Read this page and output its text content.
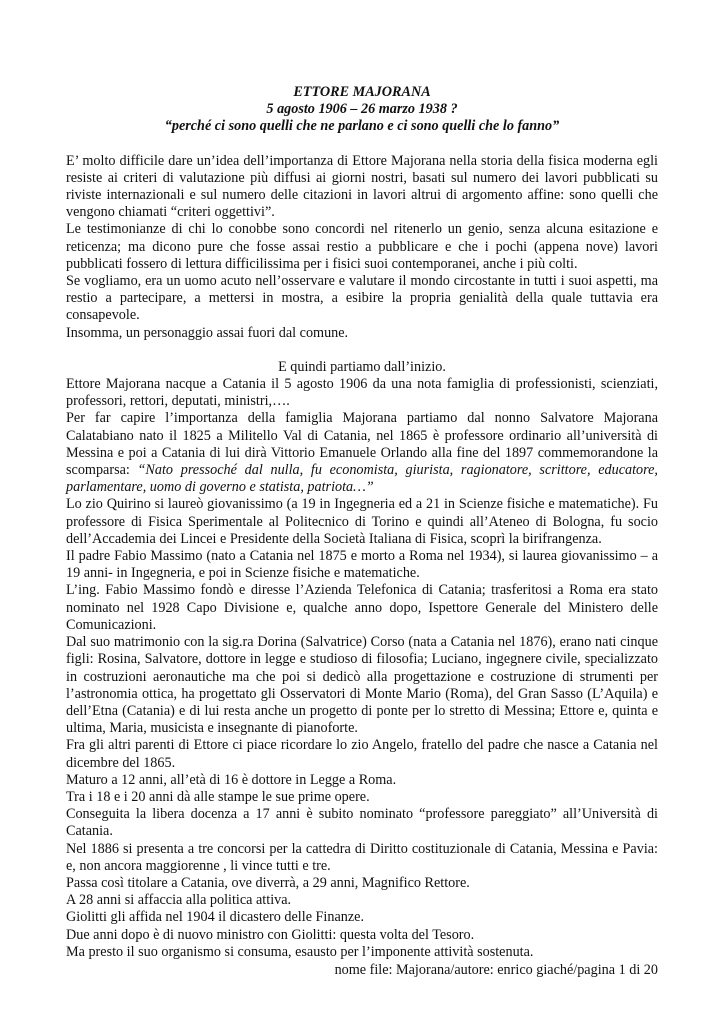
ETTORE MAJORANA
5 agosto 1906 – 26 marzo 1938 ?
“perché ci sono quelli che ne parlano e ci sono quelli che lo fanno”

E’ molto difficile dare un’idea dell’importanza di Ettore Majorana nella storia della fisica moderna egli resiste ai criteri di valutazione più diffusi ai giorni nostri, basati sul numero dei lavori pubblicati su riviste internazionali e sul numero delle citazioni in lavori altrui di argomento affine: sono quelli che vengono chiamati “criteri oggettivi”.

Le testimonianze di chi lo conobbe sono concordi nel ritenerlo un genio, senza alcuna esitazione e reticenza; ma dicono pure che fosse assai restio a pubblicare e che i pochi (appena nove) lavori pubblicati fossero di lettura difficilissima per i fisici suoi contemporanei, anche i più colti.

Se vogliamo, era un uomo acuto nell’osservare e valutare il mondo circostante in tutti i suoi aspetti, ma restio a partecipare, a mettersi in mostra, a esibire la propria genialità della quale tuttavia era consapevole.

Insomma, un personaggio assai fuori dal comune.

E quindi partiamo dall’inizio.

Ettore Majorana nacque a Catania il 5 agosto 1906 da una nota famiglia di professionisti, scienziati, professori, rettori, deputati, ministri,….

Per far capire l’importanza della famiglia Majorana partiamo dal nonno Salvatore Majorana Calatabiano nato il 1825 a Militello Val di Catania, nel 1865 è professore ordinario all’università di Messina e poi a Catania di lui dirà Vittorio Emanuele Orlando alla fine del 1897 commemorandone la scomparsa: “Nato pressoché dal nulla, fu economista, giurista, ragionatore, scrittore, educatore, parlamentare, uomo di governo e statista, patriota…”

Lo zio Quirino si laureò giovanissimo (a 19 in Ingegneria ed a 21 in Scienze fisiche e matematiche). Fu professore di Fisica Sperimentale al Politecnico di Torino e quindi all’Ateneo di Bologna, fu socio dell’Accademia dei Lincei e Presidente della Società Italiana di Fisica, scoprì la birifrangenza.

Il padre Fabio Massimo (nato a Catania nel 1875 e morto a Roma nel 1934), si laurea giovanissimo – a 19 anni- in Ingegneria, e poi in Scienze fisiche e matematiche.

L’ing. Fabio Massimo fondò e diresse l’Azienda Telefonica di Catania; trasferitosi a Roma era stato nominato nel 1928 Capo Divisione e, qualche anno dopo, Ispettore Generale del Ministero delle Comunicazioni.

Dal suo matrimonio con la sig.ra Dorina (Salvatrice) Corso (nata a Catania nel 1876), erano nati cinque figli: Rosina, Salvatore, dottore in legge e studioso di filosofia; Luciano, ingegnere civile, specializzato in costruzioni aeronautiche ma che poi si dedicò alla progettazione e costruzione di strumenti per l’astronomia ottica, ha progettato gli Osservatori di Monte Mario (Roma), del Gran Sasso (L’Aquila) e dell’Etna (Catania) e di lui resta anche un progetto di ponte per lo stretto di Messina; Ettore e, quinta e ultima, Maria, musicista e insegnante di pianoforte.

Fra gli altri parenti di Ettore ci piace ricordare lo zio Angelo, fratello del padre che nasce a Catania nel dicembre del 1865.

Maturo a 12 anni, all’età di 16 è dottore in Legge a Roma.

Tra i 18 e i 20 anni dà alle stampe le sue prime opere.

Conseguita la libera docenza a 17 anni è subito nominato “professore pareggiato” all’Università di Catania.

Nel 1886 si presenta a tre concorsi per la cattedra di Diritto costituzionale di Catania, Messina e Pavia: e, non ancora maggiorenne , li vince tutti e tre.

Passa così titolare a Catania, ove diverrà, a 29 anni, Magnifico Rettore.

A 28 anni si affaccia alla politica attiva.

Giolitti gli affida nel 1904 il dicastero delle Finanze.

Due anni dopo è di nuovo ministro con Giolitti: questa volta del Tesoro.

Ma presto il suo organismo si consuma, esausto per l’imponente attività sostenuta.

nome file: Majorana/autore: enrico giaché/pagina 1 di 20
